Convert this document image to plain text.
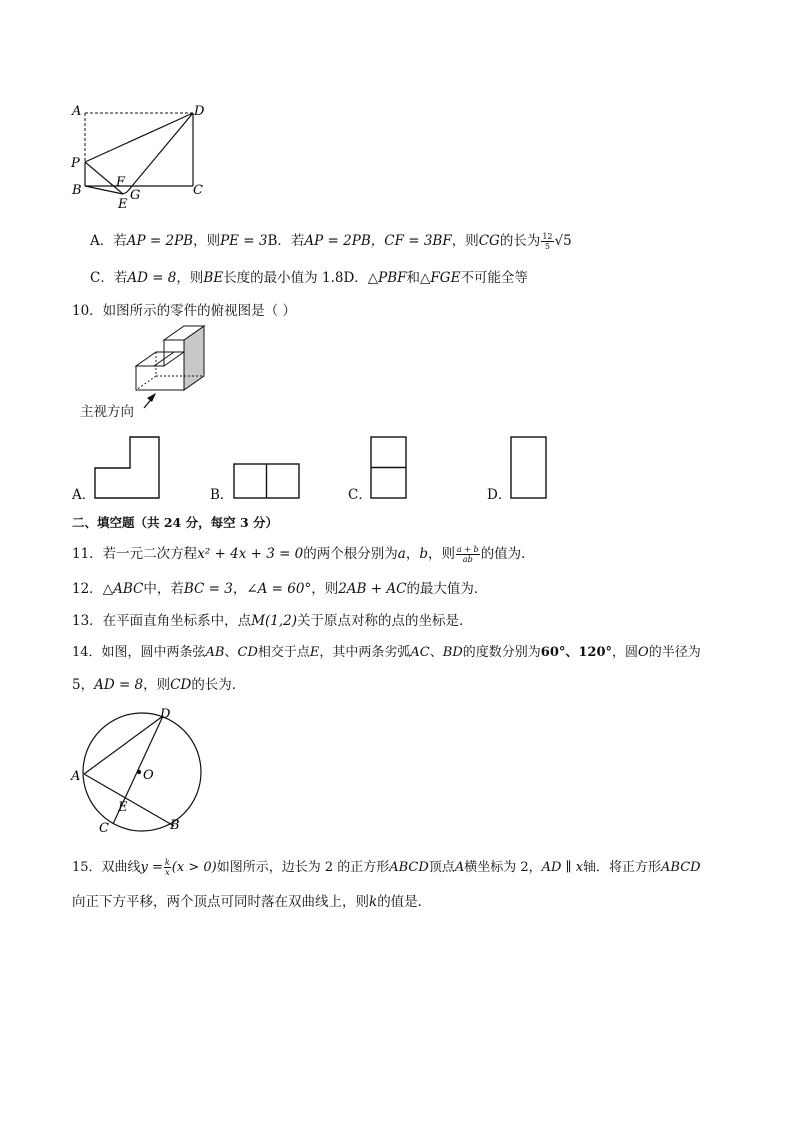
A	D
P
B
F
G
E
C
A．若AP = 2PB，则PE = 3B．若AP = 2PB，CF = 3BF，则CG的长为 $\frac{12}{5} √5$
C．若AD = 8，则BE长度的最小值为 1.8D．△PBF和△FGE不可能全等
10．如图所示的零件的俯视图是（ ）
主视方向
A．	B．	C．	D．
二、填空题（共 24 分，每空 3 分）
11．若一元二次方程x² + 4x + 3 = 0的两个根分别为a，b，则 $\frac{a + b}{ab}$ 的值为．
12．△ABC中，若BC = 3，∠A = 60°，则2AB + AC的最大值为．
13．在平面直角坐标系中，点M(1,2)关于原点对称的点的坐标是．
14．如图，圆中两条弦AB、CD相交于点E，其中两条劣弧AC、BD的度数分别为60°、120°，圆O的半径为
5，AD = 8，则CD的长为．
D
A	O
E
C	B
15．双曲线$y = \frac{k}{x} (x > 0)$如图所示，边长为 2 的正方形ABCD顶点A横坐标为 2，AD ∥ x轴．将正方形ABCD
向正下方平移，两个顶点可同时落在双曲线上，则k的值是．
